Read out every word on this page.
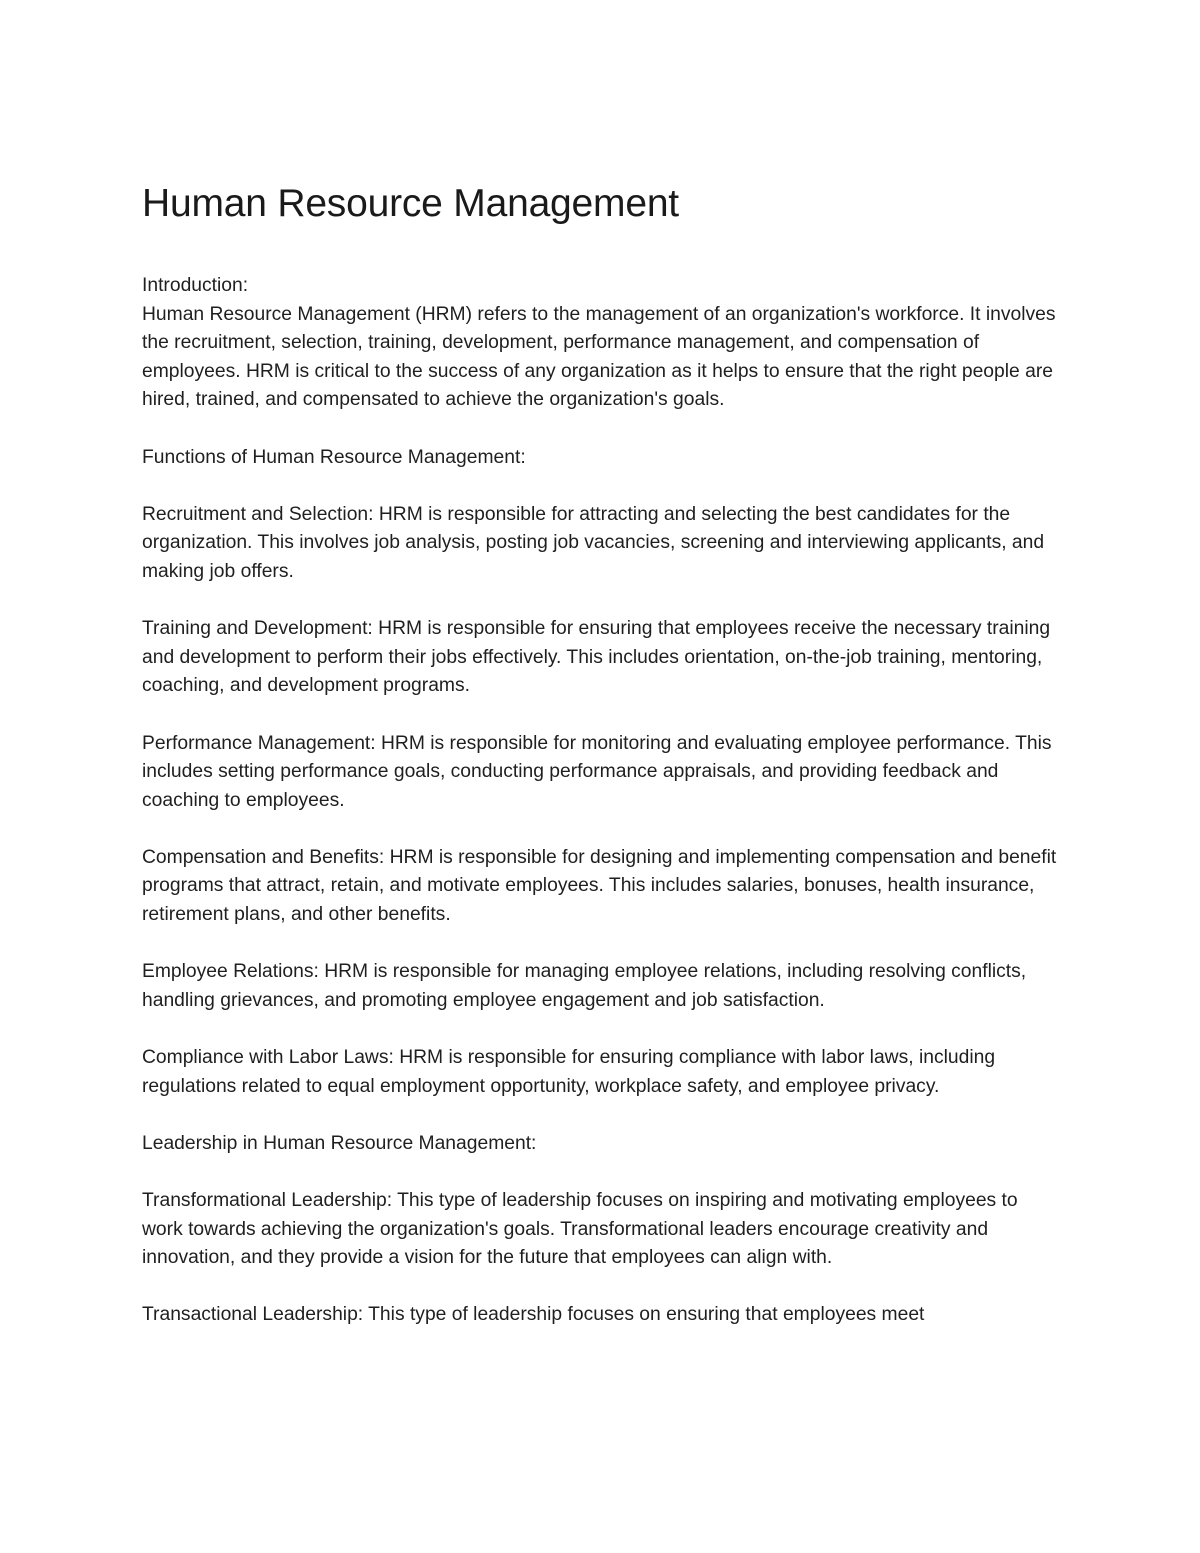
Human Resource Management

Introduction:
Human Resource Management (HRM) refers to the management of an organization's workforce. It involves the recruitment, selection, training, development, performance management, and compensation of employees. HRM is critical to the success of any organization as it helps to ensure that the right people are hired, trained, and compensated to achieve the organization's goals.

Functions of Human Resource Management:

Recruitment and Selection: HRM is responsible for attracting and selecting the best candidates for the organization. This involves job analysis, posting job vacancies, screening and interviewing applicants, and making job offers.

Training and Development: HRM is responsible for ensuring that employees receive the necessary training and development to perform their jobs effectively. This includes orientation, on-the-job training, mentoring, coaching, and development programs.

Performance Management: HRM is responsible for monitoring and evaluating employee performance. This includes setting performance goals, conducting performance appraisals, and providing feedback and coaching to employees.

Compensation and Benefits: HRM is responsible for designing and implementing compensation and benefit programs that attract, retain, and motivate employees. This includes salaries, bonuses, health insurance, retirement plans, and other benefits.

Employee Relations: HRM is responsible for managing employee relations, including resolving conflicts, handling grievances, and promoting employee engagement and job satisfaction.

Compliance with Labor Laws: HRM is responsible for ensuring compliance with labor laws, including regulations related to equal employment opportunity, workplace safety, and employee privacy.

Leadership in Human Resource Management:

Transformational Leadership: This type of leadership focuses on inspiring and motivating employees to work towards achieving the organization's goals. Transformational leaders encourage creativity and innovation, and they provide a vision for the future that employees can align with.

Transactional Leadership: This type of leadership focuses on ensuring that employees meet
